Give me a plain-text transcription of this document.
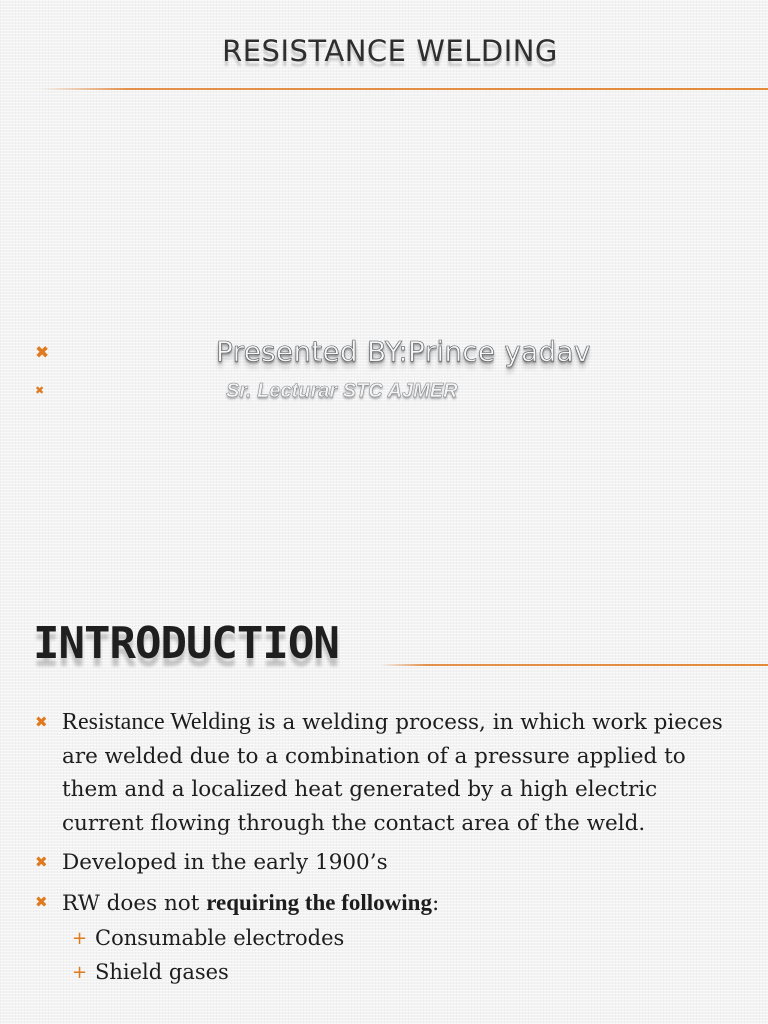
RESISTANCE WELDING
✖	Presented BY:Prince yadav
✖	Sr. Lecturar STC AJMER
INTRODUCTION
✖ Resistance Welding is a welding process, in which work pieces are welded due to a combination of a pressure applied to them and a localized heat generated by a high electric current flowing through the contact area of the weld.
✖ Developed in the early 1900’s
✖ RW does not requiring the following:
+ Consumable electrodes
+ Shield gases
